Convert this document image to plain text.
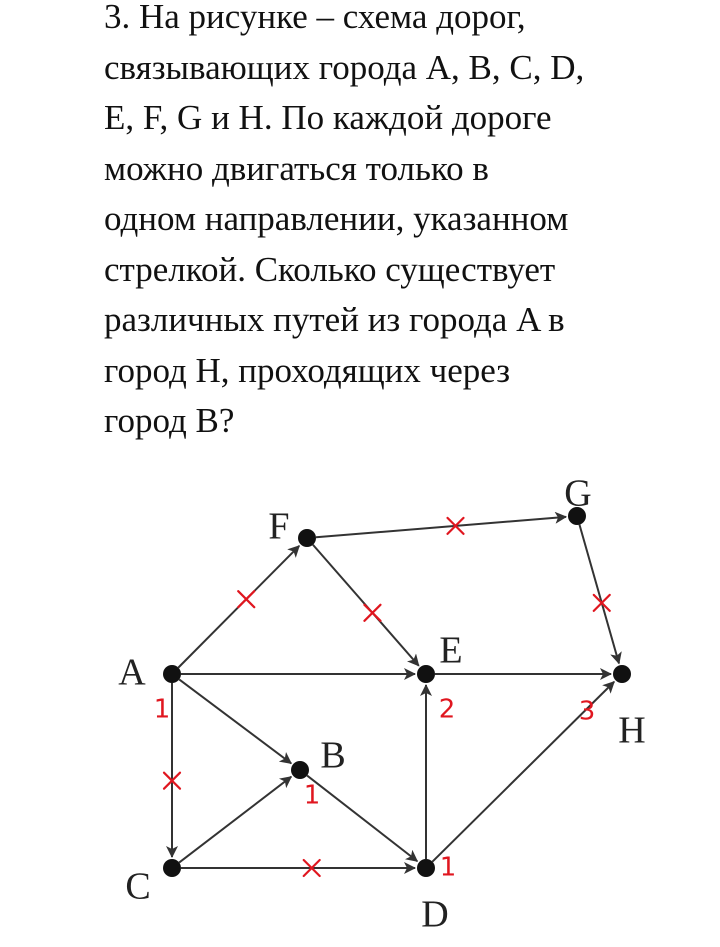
3. На рисунке – схема дорог,
связывающих города A, B, C, D,
E, F, G и H. По каждой дороге
можно двигаться только в
одном направлении, указанном
стрелкой. Сколько существует
различных путей из города A в
город H, проходящих через
город B?
A
B
C
D
E
F
G
H
1
1
1
2	3
